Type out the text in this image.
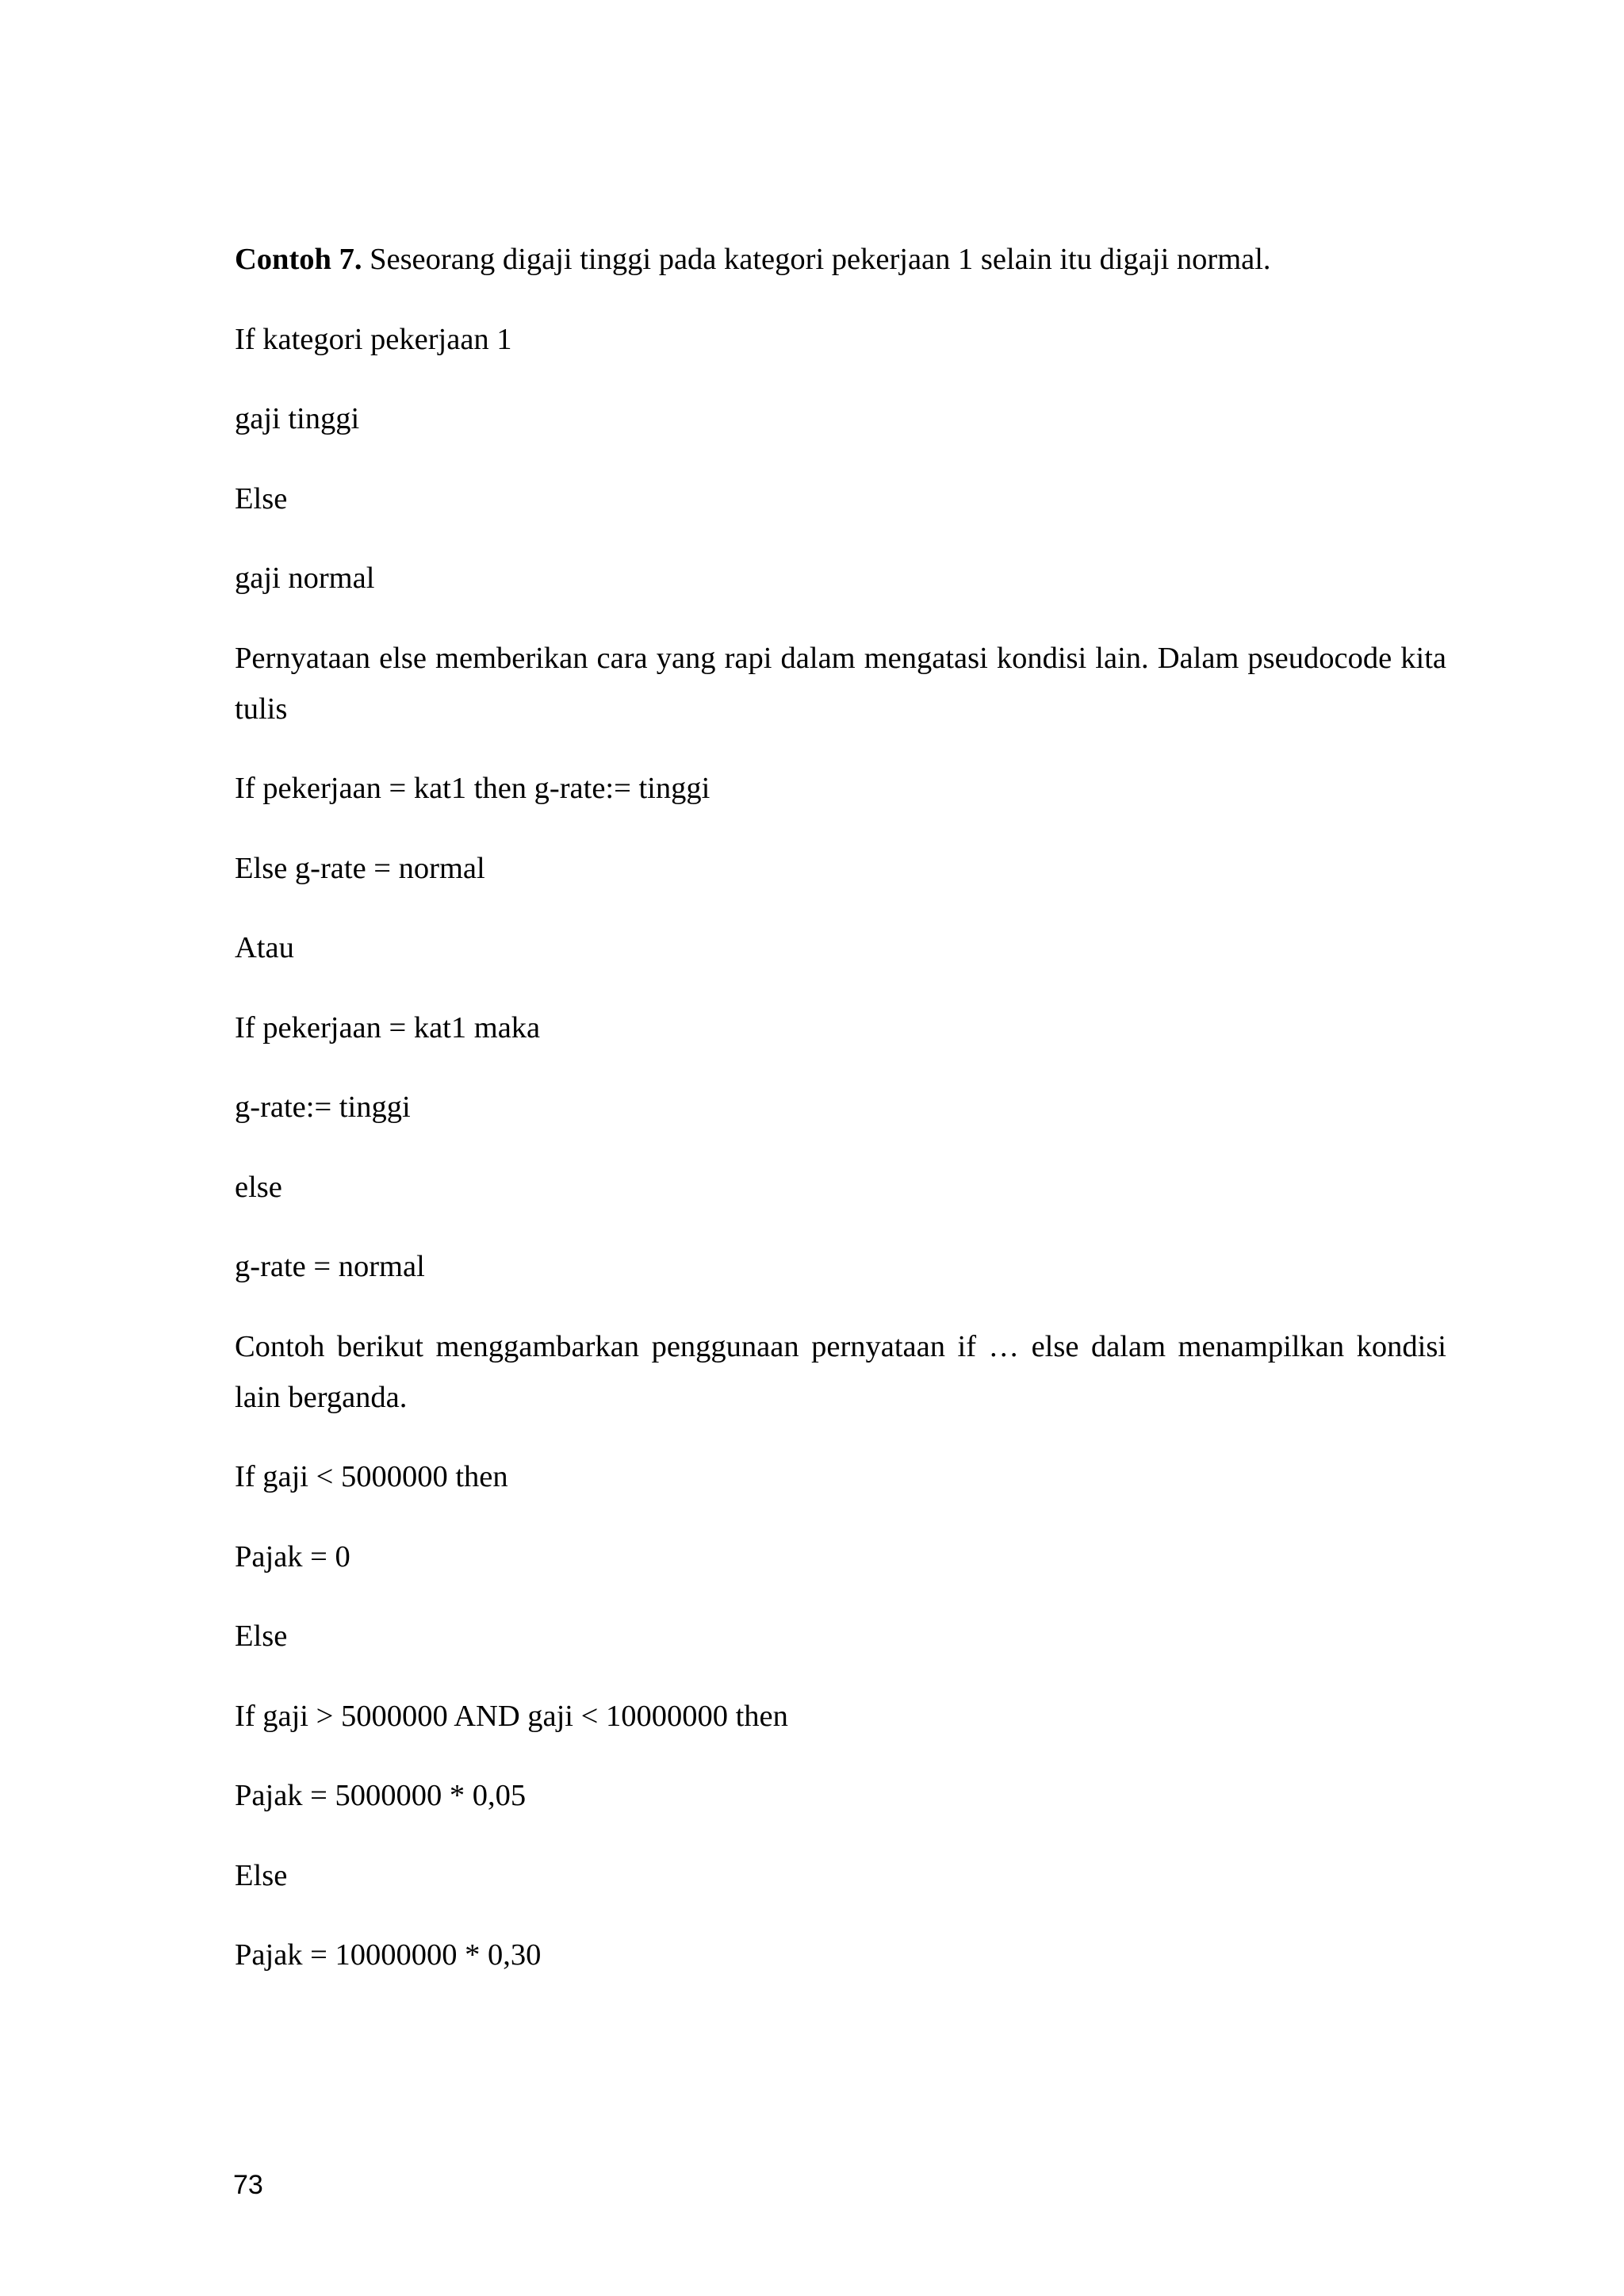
Contoh 7. Seseorang digaji tinggi pada kategori pekerjaan 1 selain itu digaji normal.

If kategori pekerjaan 1

gaji tinggi

Else

gaji normal

Pernyataan else memberikan cara yang rapi dalam mengatasi kondisi lain. Dalam pseudocode kita tulis

If pekerjaan = kat1 then g-rate:= tinggi

Else g-rate = normal

Atau

If pekerjaan = kat1 maka

g-rate:= tinggi

else

g-rate = normal

Contoh berikut menggambarkan penggunaan pernyataan if … else dalam menampilkan kondisi lain berganda.

If gaji < 5000000 then

Pajak = 0

Else

If gaji > 5000000 AND gaji < 10000000 then

Pajak = 5000000 * 0,05

Else

Pajak = 10000000 * 0,30

73
